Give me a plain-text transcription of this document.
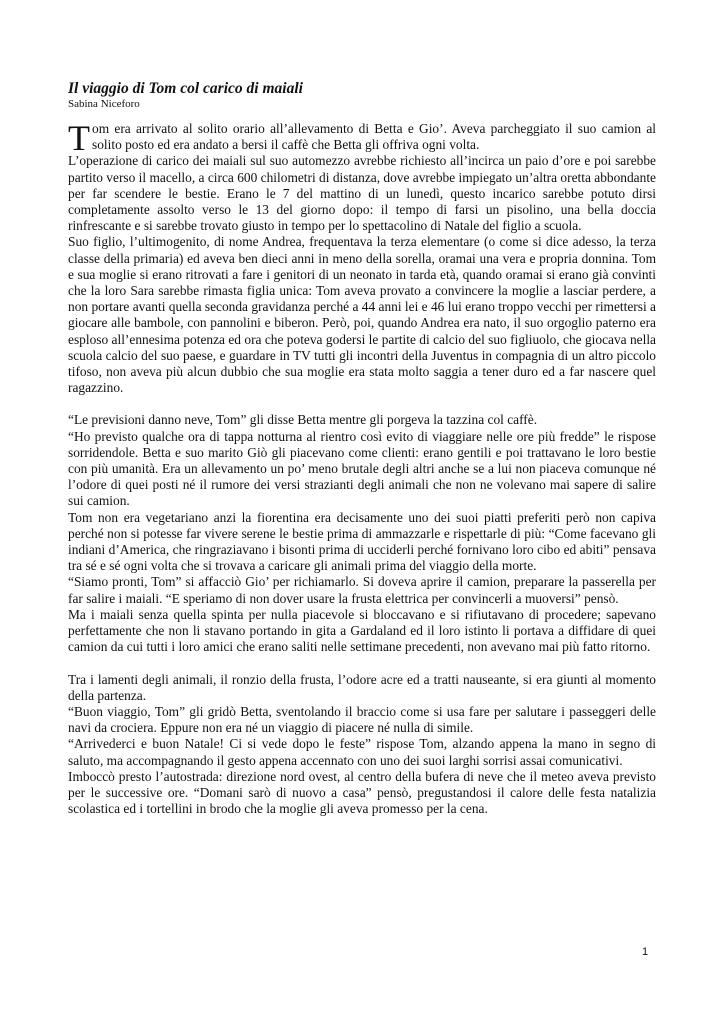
Il viaggio di Tom col carico di maiali
Sabina Niceforo

Tom era arrivato al solito orario all’allevamento di Betta e Gio’. Aveva parcheggiato il suo camion al solito posto ed era andato a bersi il caffè che Betta gli offriva ogni volta.

L’operazione di carico dei maiali sul suo automezzo avrebbe richiesto all’incirca un paio d’ore e poi sarebbe partito verso il macello, a circa 600 chilometri di distanza, dove avrebbe impiegato un’altra oretta abbondante per far scendere le bestie. Erano le 7 del mattino di un lunedì, questo incarico sarebbe potuto dirsi completamente assolto verso le 13 del giorno dopo: il tempo di farsi un pisolino, una bella doccia rinfrescante e si sarebbe trovato giusto in tempo per lo spettacolino di Natale del figlio a scuola.

Suo figlio, l’ultimogenito, di nome Andrea, frequentava la terza elementare (o come si dice adesso, la terza classe della primaria) ed aveva ben dieci anni in meno della sorella, oramai una vera e propria donnina. Tom e sua moglie si erano ritrovati a fare i genitori di un neonato in tarda età, quando oramai si erano già convinti che la loro Sara sarebbe rimasta figlia unica: Tom aveva provato a convincere la moglie a lasciar perdere, a non portare avanti quella seconda gravidanza perché a 44 anni lei e 46 lui erano troppo vecchi per rimettersi a giocare alle bambole, con pannolini e biberon. Però, poi, quando Andrea era nato, il suo orgoglio paterno era esploso all’ennesima potenza ed ora che poteva godersi le partite di calcio del suo figliuolo, che giocava nella scuola calcio del suo paese, e guardare in TV tutti gli incontri della Juventus in compagnia di un altro piccolo tifoso, non aveva più alcun dubbio che sua moglie era stata molto saggia a tener duro ed a far nascere quel ragazzino.

“Le previsioni danno neve, Tom” gli disse Betta mentre gli porgeva la tazzina col caffè.

“Ho previsto qualche ora di tappa notturna al rientro così evito di viaggiare nelle ore più fredde” le rispose sorridendole. Betta e suo marito Giò gli piacevano come clienti: erano gentili e poi trattavano le loro bestie con più umanità. Era un allevamento un po’ meno brutale degli altri anche se a lui non piaceva comunque né l’odore di quei posti né il rumore dei versi strazianti degli animali che non ne volevano mai sapere di salire sui camion.

Tom non era vegetariano anzi la fiorentina era decisamente uno dei suoi piatti preferiti però non capiva perché non si potesse far vivere serene le bestie prima di ammazzarle e rispettarle di più: “Come facevano gli indiani d’America, che ringraziavano i bisonti prima di ucciderli perché fornivano loro cibo ed abiti” pensava tra sé e sé ogni volta che si trovava a caricare gli animali prima del viaggio della morte.

“Siamo pronti, Tom” si affacciò Gio’ per richiamarlo. Si doveva aprire il camion, preparare la passerella per far salire i maiali. “E speriamo di non dover usare la frusta elettrica per convincerli a muoversi” pensò.

Ma i maiali senza quella spinta per nulla piacevole si bloccavano e si rifiutavano di procedere; sapevano perfettamente che non li stavano portando in gita a Gardaland ed il loro istinto li portava a diffidare di quei camion da cui tutti i loro amici che erano saliti nelle settimane precedenti, non avevano mai più fatto ritorno.

Tra i lamenti degli animali, il ronzio della frusta, l’odore acre ed a tratti nauseante, si era giunti al momento della partenza.

“Buon viaggio, Tom” gli gridò Betta, sventolando il braccio come si usa fare per salutare i passeggeri delle navi da crociera. Eppure non era né un viaggio di piacere né nulla di simile.

“Arrivederci e buon Natale! Ci si vede dopo le feste” rispose Tom, alzando appena la mano in segno di saluto, ma accompagnando il gesto appena accennato con uno dei suoi larghi sorrisi assai comunicativi.

Imboccò presto l’autostrada: direzione nord ovest, al centro della bufera di neve che il meteo aveva previsto per le successive ore. “Domani sarò di nuovo a casa” pensò, pregustandosi il calore delle festa natalizia scolastica ed i tortellini in brodo che la moglie gli aveva promesso per la cena.

1
